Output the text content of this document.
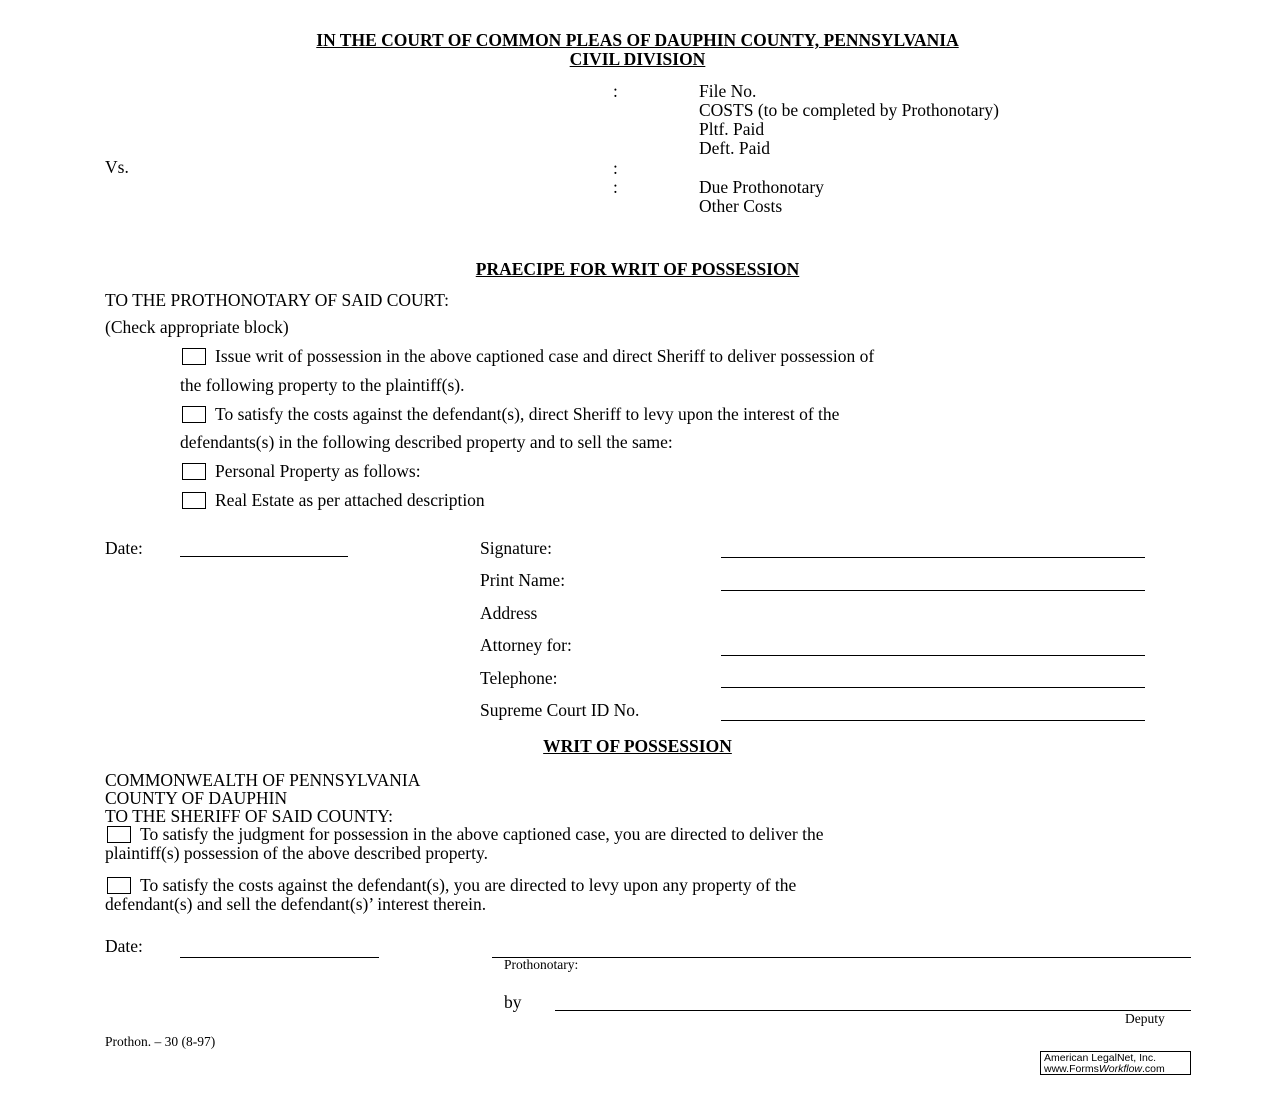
IN THE COURT OF COMMON PLEAS OF DAUPHIN COUNTY, PENNSYLVANIA
CIVIL DIVISION
:	File No.
COSTS (to be completed by Prothonotary)
Pltf. Paid
Deft. Paid
Vs.	:
:	Due Prothonotary
Other Costs
PRAECIPE FOR WRIT OF POSSESSION
TO THE PROTHONOTARY OF SAID COURT:
(Check appropriate block)
Issue writ of possession in the above captioned case and direct Sheriff to deliver possession of
the following property to the plaintiff(s).
To satisfy the costs against the defendant(s), direct Sheriff to levy upon the interest of the
defendants(s) in the following described property and to sell the same:
Personal Property as follows:
Real Estate as per attached description
Date:	Signature:
Print Name:
Address
Attorney for:
Telephone:
Supreme Court ID No.
WRIT OF POSSESSION
COMMONWEALTH OF PENNSYLVANIA
COUNTY OF DAUPHIN
TO THE SHERIFF OF SAID COUNTY:
To satisfy the judgment for possession in the above captioned case, you are directed to deliver the
plaintiff(s) possession of the above described property.
To satisfy the costs against the defendant(s), you are directed to levy upon any property of the
defendant(s) and sell the defendant(s)’ interest therein.
Date:
Prothonotary:
by
Deputy
Prothon. – 30 (8-97)
American LegalNet, Inc.
www.FormsWorkflow.com
